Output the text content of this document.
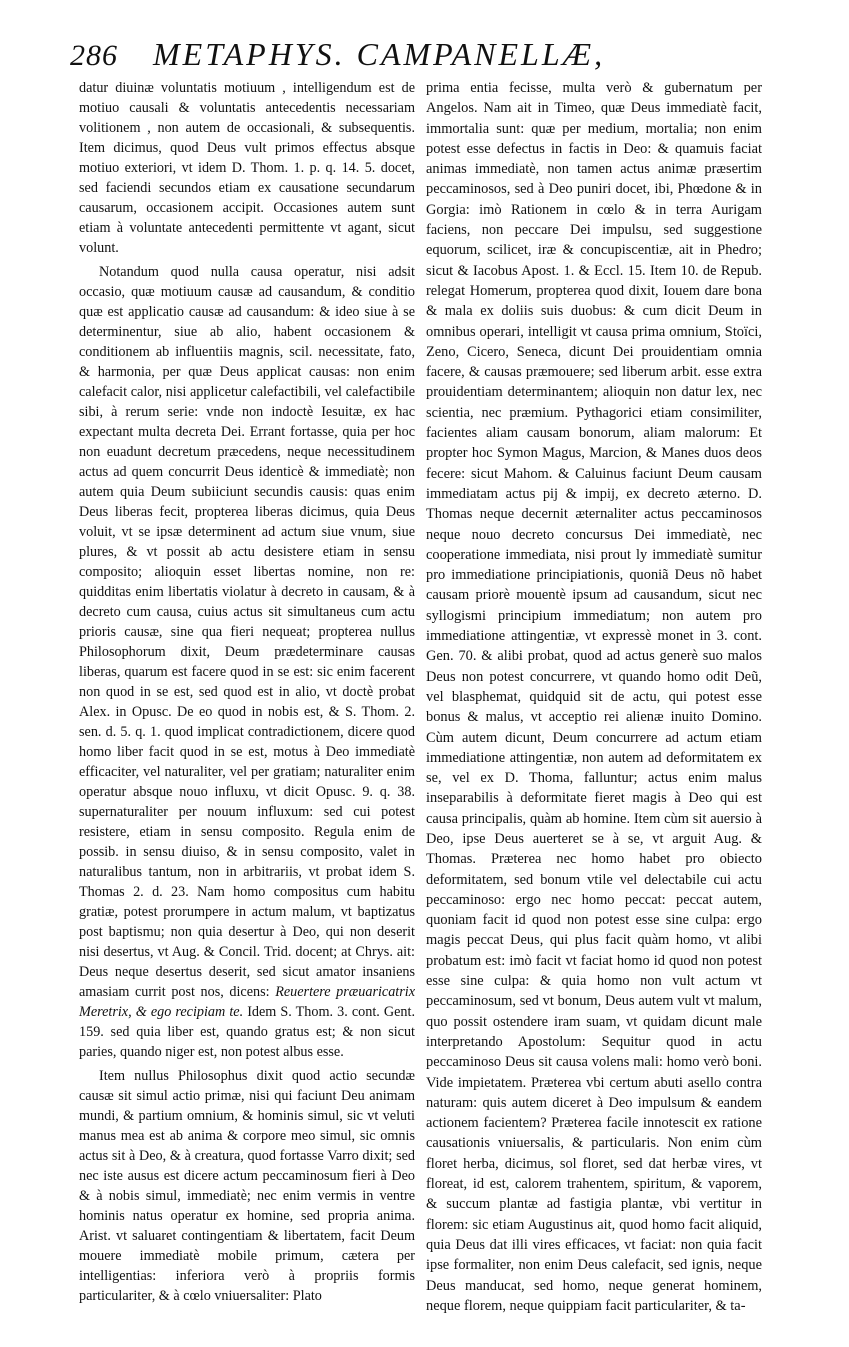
286 METAPHYS. CAMPANELLÆ,

datur diuinæ voluntatis motiuum , intelligendum est de motiuo causali & voluntatis antecedentis necessariam volitionem , non autem de occasionali, & subsequentis. Item dicimus, quod Deus vult primos effectus absque motiuo exteriori, vt idem D. Thom. 1. p. q. 14. 5. docet, sed faciendi secundos etiam ex causatione secundarum causarum, occasionem accipit. Occasiones autem sunt etiam à voluntate antecedenti permittente vt agant, sicut volunt.

Notandum quod nulla causa operatur, nisi adsit occasio, quæ motiuum causæ ad causandum, & conditio quæ est applicatio causæ ad causandum: & ideo siue à se determinentur, siue ab alio, habent occasionem & conditionem ab influentiis magnis, scil. necessitate, fato, & harmonia, per quæ Deus applicat causas: non enim calefacit calor, nisi applicetur calefactibili, vel calefactibile sibi, à rerum serie: vnde non indoctè Iesuitæ, ex hac expectant multa decreta Dei. Errant fortasse, quia per hoc non euadunt decretum præcedens, neque necessitudinem actus ad quem concurrit Deus identicè & immediatè; non autem quia Deum subiiciunt secundis causis: quas enim Deus liberas fecit, propterea liberas dicimus, quia Deus voluit, vt se ipsæ determinent ad actum siue vnum, siue plures, & vt possit ab actu desistere etiam in sensu composito; alioquin esset libertas nomine, non re: quidditas enim libertatis violatur à decreto in causam, & à decreto cum causa, cuius actus sit simultaneus cum actu prioris causæ, sine qua fieri nequeat; propterea nullus Philosophorum dixit, Deum prædeterminare causas liberas, quarum est facere quod in se est: sic enim facerent non quod in se est, sed quod est in alio, vt doctè probat Alex. in Opusc. De eo quod in nobis est, & S. Thom. 2. sen. d. 5. q. 1. quod implicat contradictionem, dicere quod homo liber facit quod in se est, motus à Deo immediatè efficaciter, vel naturaliter, vel per gratiam; naturaliter enim operatur absque nouo influxu, vt dicit Opusc. 9. q. 38. supernaturaliter per nouum influxum: sed cui potest resistere, etiam in sensu composito. Regula enim de possib. in sensu diuiso, & in sensu composito, valet in naturalibus tantum, non in arbitrariis, vt probat idem S. Thomas 2. d. 23. Nam homo compositus cum habitu gratiæ, potest prorumpere in actum malum, vt baptizatus post baptismu; non quia desertur à Deo, qui non deserit nisi desertus, vt Aug. & Concil. Trid. docent; at Chrys. ait: Deus neque desertus deserit, sed sicut amator insaniens amasiam currit post nos, dicens: Reuertere præuaricatrix Meretrix, & ego recipiam te. Idem S. Thom. 3. cont. Gent. 159. sed quia liber est, quando gratus est; & non sicut paries, quando niger est, non potest albus esse.

Item nullus Philosophus dixit quod actio secundæ causæ sit simul actio primæ, nisi qui faciunt Deu animam mundi, & partium omnium, & hominis simul, sic vt veluti manus mea est ab anima & corpore meo simul, sic omnis actus sit à Deo, & à creatura, quod fortasse Varro dixit; sed nec iste ausus est dicere actum peccaminosum fieri à Deo & à nobis simul, immediatè; nec enim vermis in ventre hominis natus operatur ex homine, sed propria anima. Arist. vt saluaret contingentiam & libertatem, facit Deum mouere immediatè mobile primum, cætera per intelligentias: inferiora verò à propriis formis particulariter, & à cœlo vniuersaliter: Plato

prima entia fecisse, multa verò & gubernatum per Angelos. Nam ait in Timeo, quæ Deus immediatè facit, immortalia sunt: quæ per medium, mortalia; non enim potest esse defectus in factis in Deo: & quamuis faciat animas immediatè, non tamen actus animæ præsertim peccaminosos, sed à Deo puniri docet, ibi, Phœdone & in Gorgia: imò Rationem in cœlo & in terra Aurigam faciens, non peccare Dei impulsu, sed suggestione equorum, scilicet, iræ & concupiscentiæ, ait in Phedro; sicut & Iacobus Apost. 1. & Eccl. 15. Item 10. de Repub. relegat Homerum, propterea quod dixit, Iouem dare bona & mala ex doliis suis duobus: & cum dicit Deum in omnibus operari, intelligit vt causa prima omnium, Stoïci, Zeno, Cicero, Seneca, dicunt Dei prouidentiam omnia facere, & causas præmouere; sed liberum arbit. esse extra prouidentiam determinantem; alioquin non datur lex, nec scientia, nec præmium. Pythagorici etiam consimiliter, facientes aliam causam bonorum, aliam malorum: Et propter hoc Symon Magus, Marcion, & Manes duos deos fecere: sicut Mahom. & Caluinus faciunt Deum causam immediatam actus pij & impij, ex decreto æterno. D. Thomas neque decernit æternaliter actus peccaminosos neque nouo decreto concursus Dei immediatè, nec cooperatione immediata, nisi prout ly immediatè sumitur pro immediatione principiationis, quoniã Deus nõ habet causam priorè mouentè ipsum ad causandum, sicut nec syllogismi principium immediatum; non autem pro immediatione attingentiæ, vt expressè monet in 3. cont. Gen. 70. & alibi probat, quod ad actus generè suo malos Deus non potest concurrere, vt quando homo odit Deũ, vel blasphemat, quidquid sit de actu, qui potest esse bonus & malus, vt acceptio rei alienæ inuito Domino. Cùm autem dicunt, Deum concurrere ad actum etiam immediatione attingentiæ, non autem ad deformitatem ex se, vel ex D. Thoma, falluntur; actus enim malus inseparabilis à deformitate fieret magis à Deo qui est causa principalis, quàm ab homine. Item cùm sit auersio à Deo, ipse Deus auerteret se à se, vt arguit Aug. & Thomas. Præterea nec homo habet pro obiecto deformitatem, sed bonum vtile vel delectabile cui actu peccaminoso: ergo nec homo peccat: peccat autem, quoniam facit id quod non potest esse sine culpa: ergo magis peccat Deus, qui plus facit quàm homo, vt alibi probatum est: imò facit vt faciat homo id quod non potest esse sine culpa: & quia homo non vult actum vt peccaminosum, sed vt bonum, Deus autem vult vt malum, quo possit ostendere iram suam, vt quidam dicunt male interpretando Apostolum: Sequitur quod in actu peccaminoso Deus sit causa volens mali: homo verò boni. Vide impietatem. Præterea vbi certum abuti asello contra naturam: quis autem diceret à Deo impulsum & eandem actionem facientem? Præterea facile innotescit ex ratione causationis vniuersalis, & particularis. Non enim cùm floret herba, dicimus, sol floret, sed dat herbæ vires, vt floreat, id est, calorem trahentem, spiritum, & vaporem, & succum plantæ ad fastigia plantæ, vbi vertitur in florem: sic etiam Augustinus ait, quod homo facit aliquid, quia Deus dat illi vires efficaces, vt faciat: non quia facit ipse formaliter, non enim Deus calefacit, sed ignis, neque Deus manducat, sed homo, neque generat hominem, neque florem, neque quippiam facit particulariter, & ta-
